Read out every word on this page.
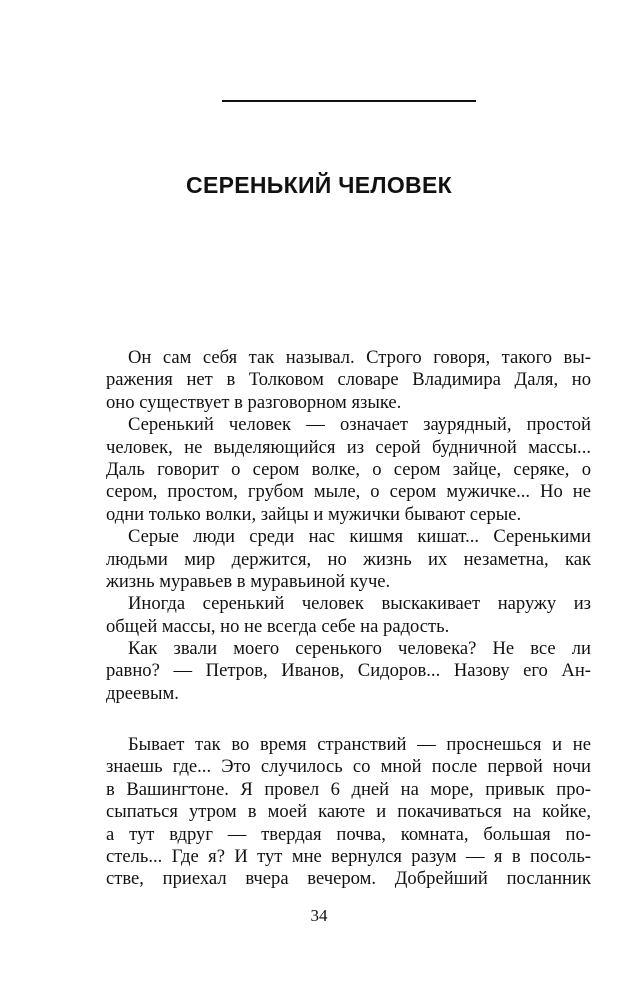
СЕРЕНЬКИЙ ЧЕЛОВЕК
Он сам себя так называл. Строго говоря, такого вы-
ражения нет в Толковом словаре Владимира Даля, но
оно существует в разговорном языке.
Серенький человек — означает заурядный, простой
человек, не выделяющийся из серой будничной массы...
Даль говорит о сером волке, о сером зайце, серяке, о
сером, простом, грубом мыле, о сером мужичке... Но не
одни только волки, зайцы и мужички бывают серые.
Серые люди среди нас кишмя кишат... Серенькими
людьми мир держится, но жизнь их незаметна, как
жизнь муравьев в муравьиной куче.
Иногда серенький человек выскакивает наружу из
общей массы, но не всегда себе на радость.
Как звали моего серенького человека? Не все ли
равно? — Петров, Иванов, Сидоров... Назову его Ан-
дреевым.
Бывает так во время странствий — проснешься и не
знаешь где... Это случилось со мной после первой ночи
в Вашингтоне. Я провел 6 дней на море, привык про-
сыпаться утром в моей каюте и покачиваться на койке,
а тут вдруг — твердая почва, комната, большая по-
стель... Где я? И тут мне вернулся разум — я в посоль-
стве, приехал вчера вечером. Добрейший посланник
34
